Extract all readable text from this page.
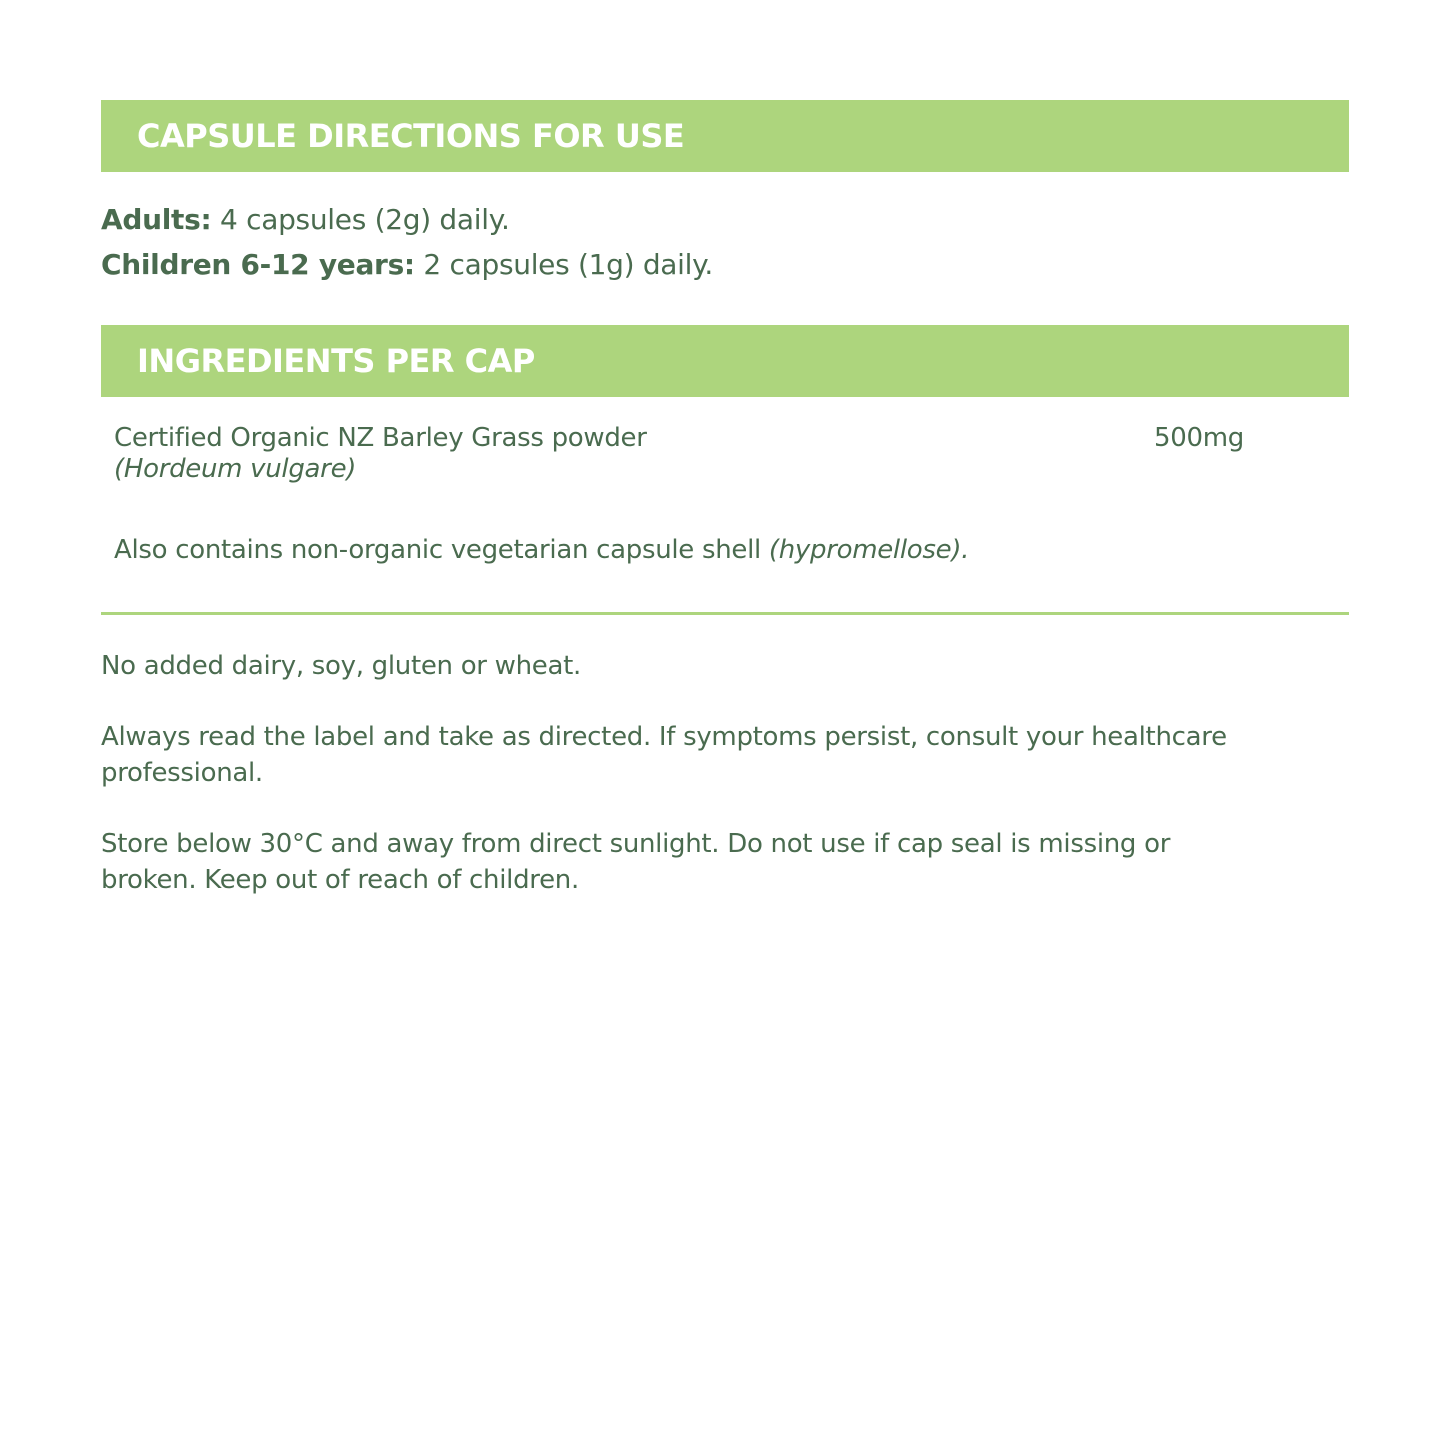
CAPSULE DIRECTIONS FOR USE
Adults: 4 capsules (2g) daily.
Children 6-12 years: 2 capsules (1g) daily.
INGREDIENTS PER CAP
Certified Organic NZ Barley Grass powder
(Hordeum vulgare)
500mg
Also contains non-organic vegetarian capsule shell (hypromellose).

No added dairy, soy, gluten or wheat.

Always read the label and take as directed. If symptoms persist, consult your healthcare professional.

Store below 30°C and away from direct sunlight. Do not use if cap seal is missing or broken. Keep out of reach of children.
